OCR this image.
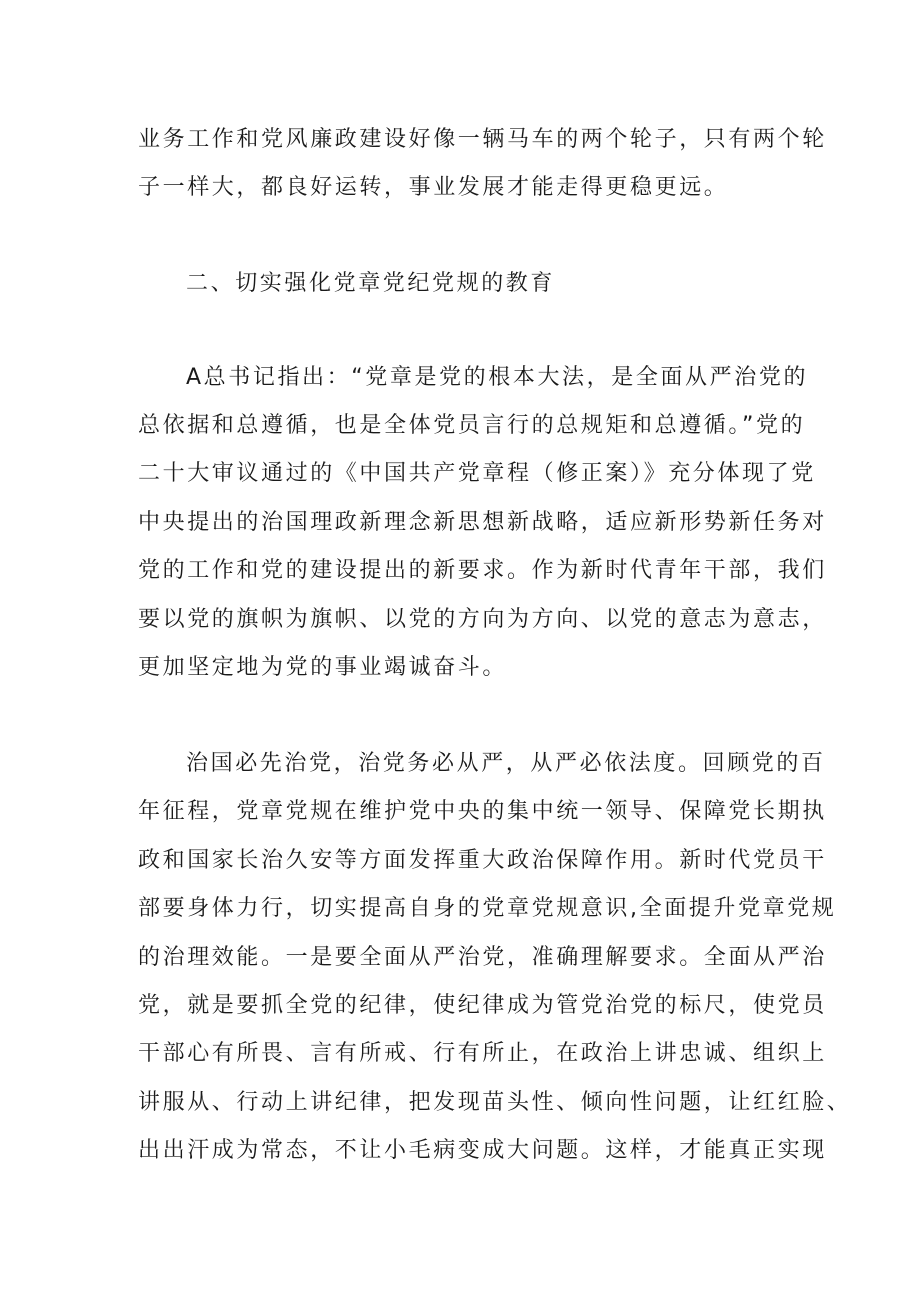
业务工作和党风廉政建设好像一辆马车的两个轮子，只有两个轮
子一样大，都良好运转，事业发展才能走得更稳更远。
二、切实强化党章党纪党规的教育
A总书记指出：“党章是党的根本大法，是全面从严治党的
总依据和总遵循，也是全体党员言行的总规矩和总遵循。”党的
二十大审议通过的《中国共产党章程（修正案）》充分体现了党
中央提出的治国理政新理念新思想新战略，适应新形势新任务对
党的工作和党的建设提出的新要求。作为新时代青年干部，我们
要以党的旗帜为旗帜、以党的方向为方向、以党的意志为意志，
更加坚定地为党的事业竭诚奋斗。
治国必先治党，治党务必从严，从严必依法度。回顾党的百
年征程，党章党规在维护党中央的集中统一领导、保障党长期执
政和国家长治久安等方面发挥重大政治保障作用。新时代党员干
部要身体力行，切实提高自身的党章党规意识,全面提升党章党规
的治理效能。一是要全面从严治党，准确理解要求。全面从严治
党，就是要抓全党的纪律，使纪律成为管党治党的标尺，使党员
干部心有所畏、言有所戒、行有所止，在政治上讲忠诚、组织上
讲服从、行动上讲纪律，把发现苗头性、倾向性问题，让红红脸、
出出汗成为常态，不让小毛病变成大问题。这样，才能真正实现
